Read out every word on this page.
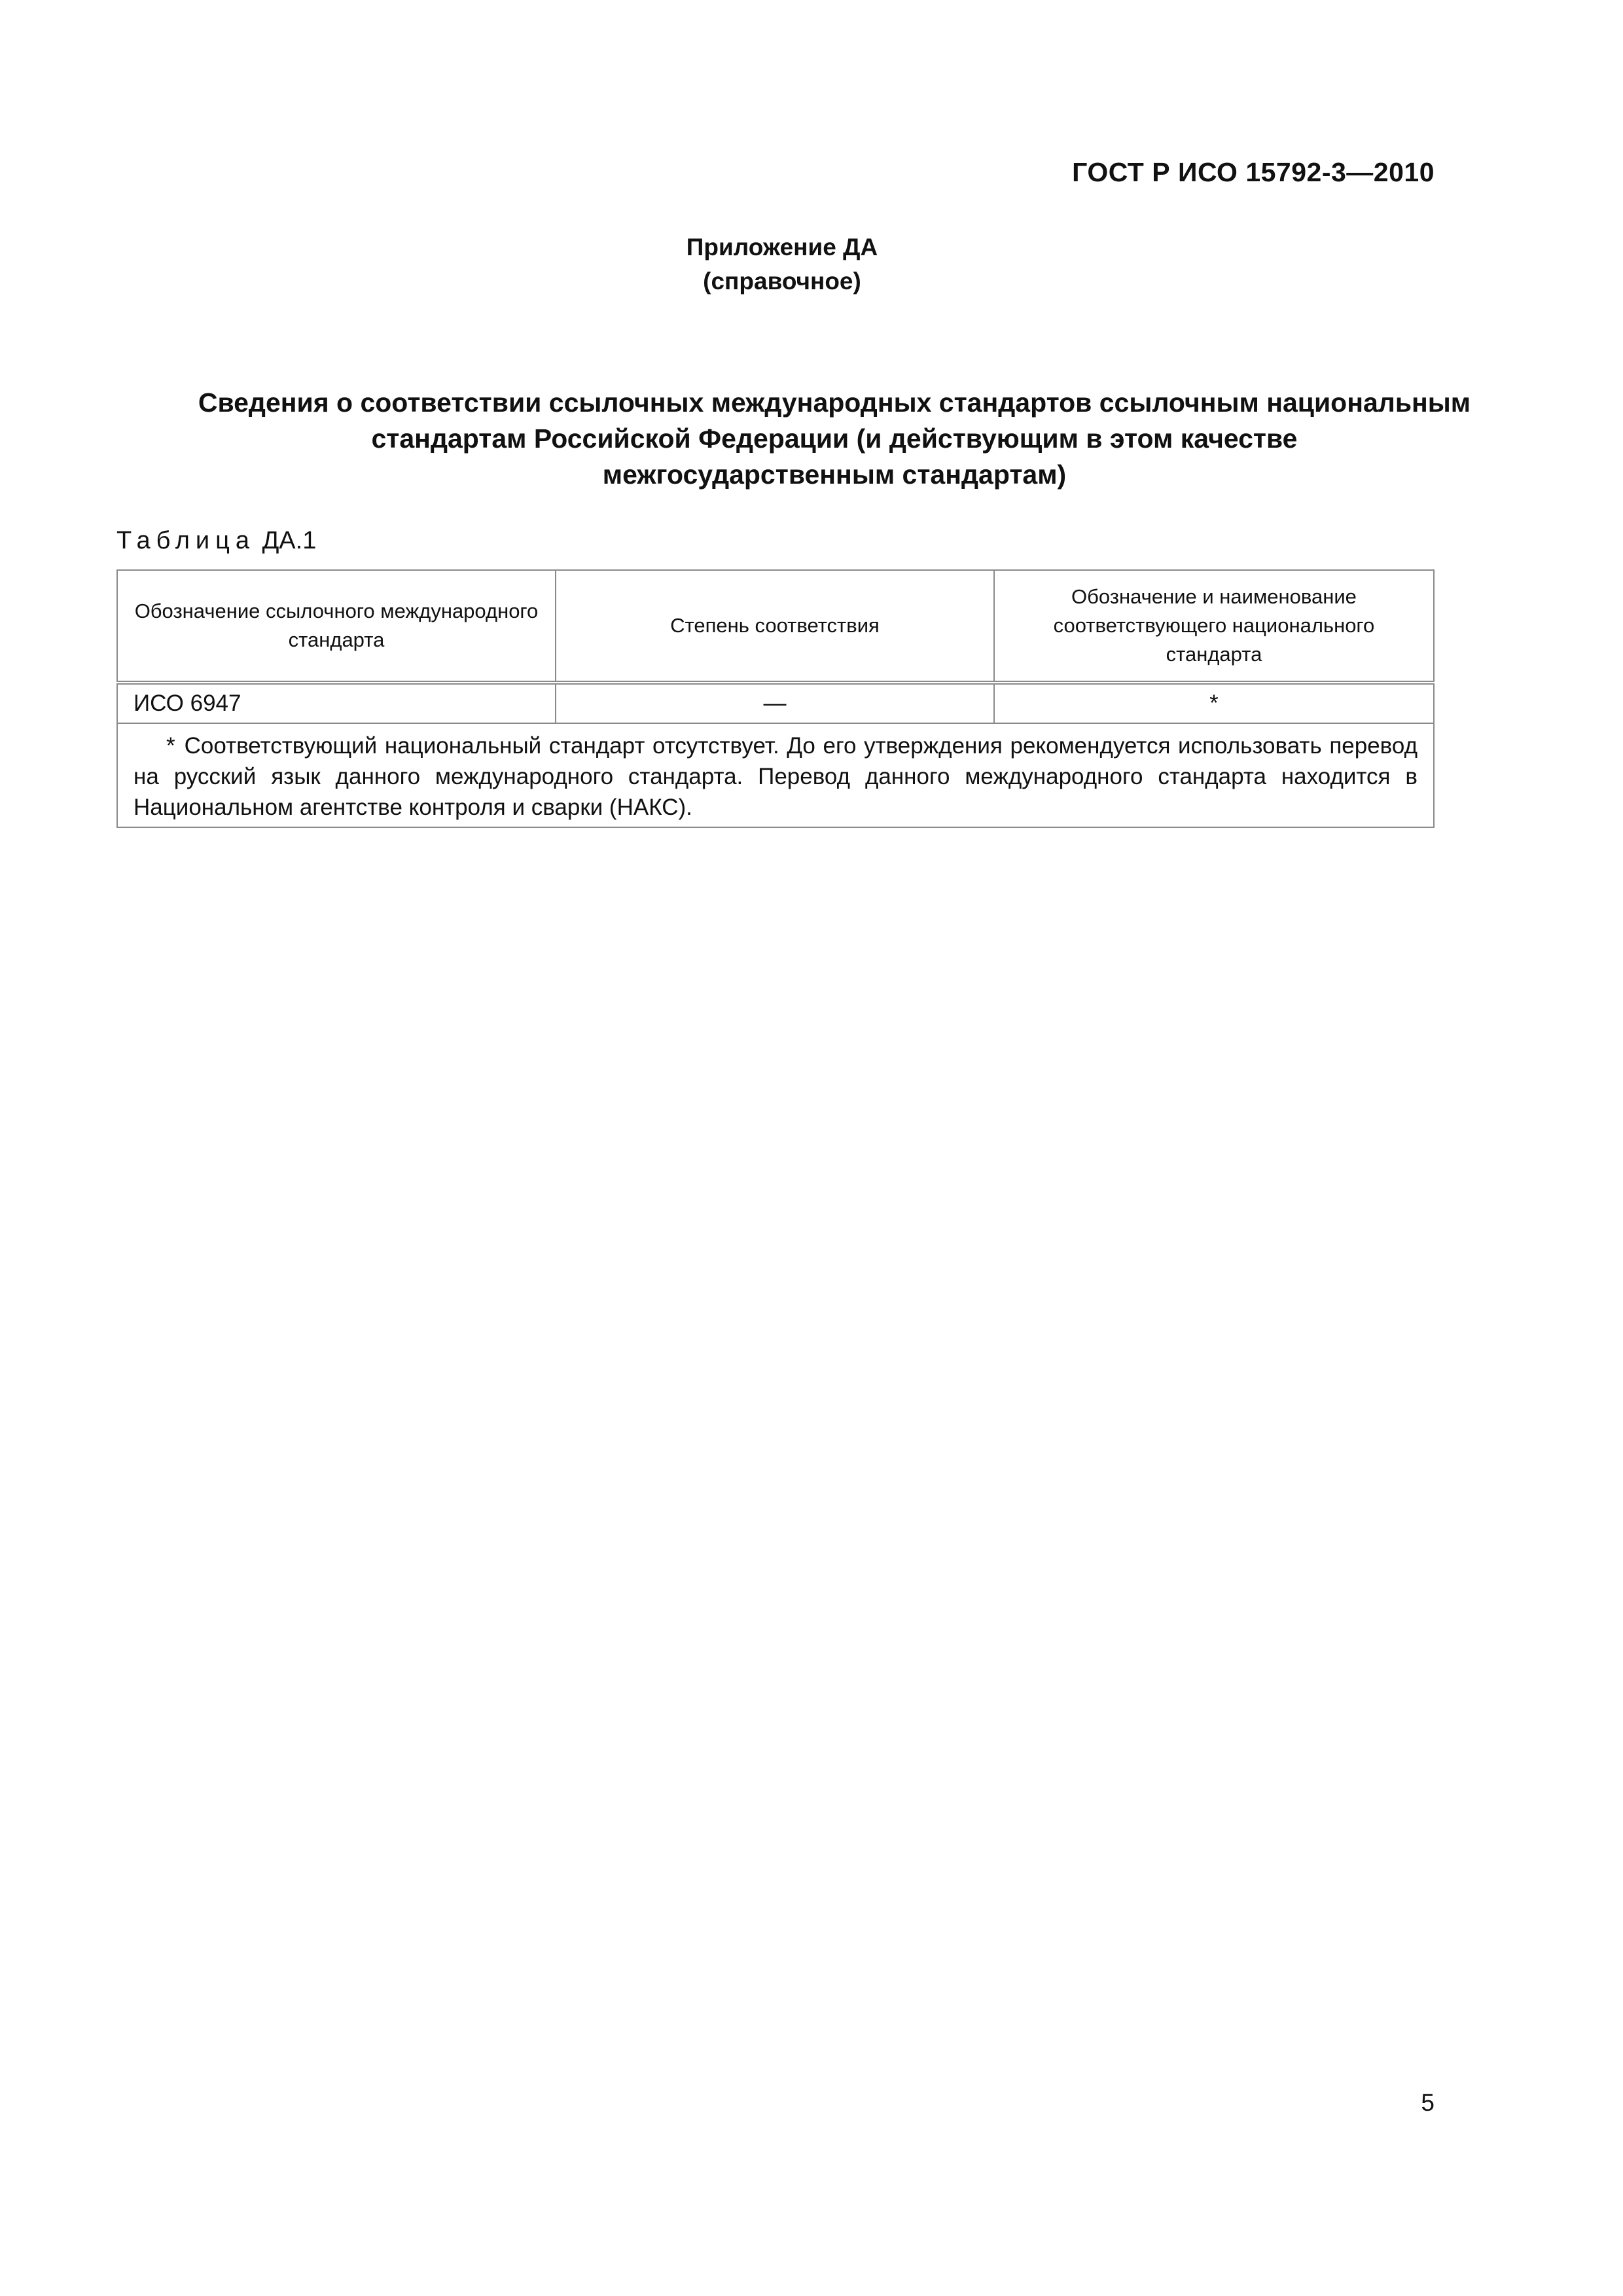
ГОСТ Р ИСО 15792-3—2010
Приложение ДА
(справочное)
Сведения о соответствии ссылочных международных стандартов ссылочным национальным
стандартам Российской Федерации (и действующим в этом качестве
межгосударственным стандартам)
Таблица ДА.1
Обозначение ссылочного международного стандарта	Степень соответствия	Обозначение и наименование соответствующего национального стандарта
ИСО 6947	—	*
* Соответствующий национальный стандарт отсутствует. До его утверждения рекомендуется использовать перевод на русский язык данного международного стандарта. Перевод данного международного стандарта находится в Национальном агентстве контроля и сварки (НАКС).		
5
